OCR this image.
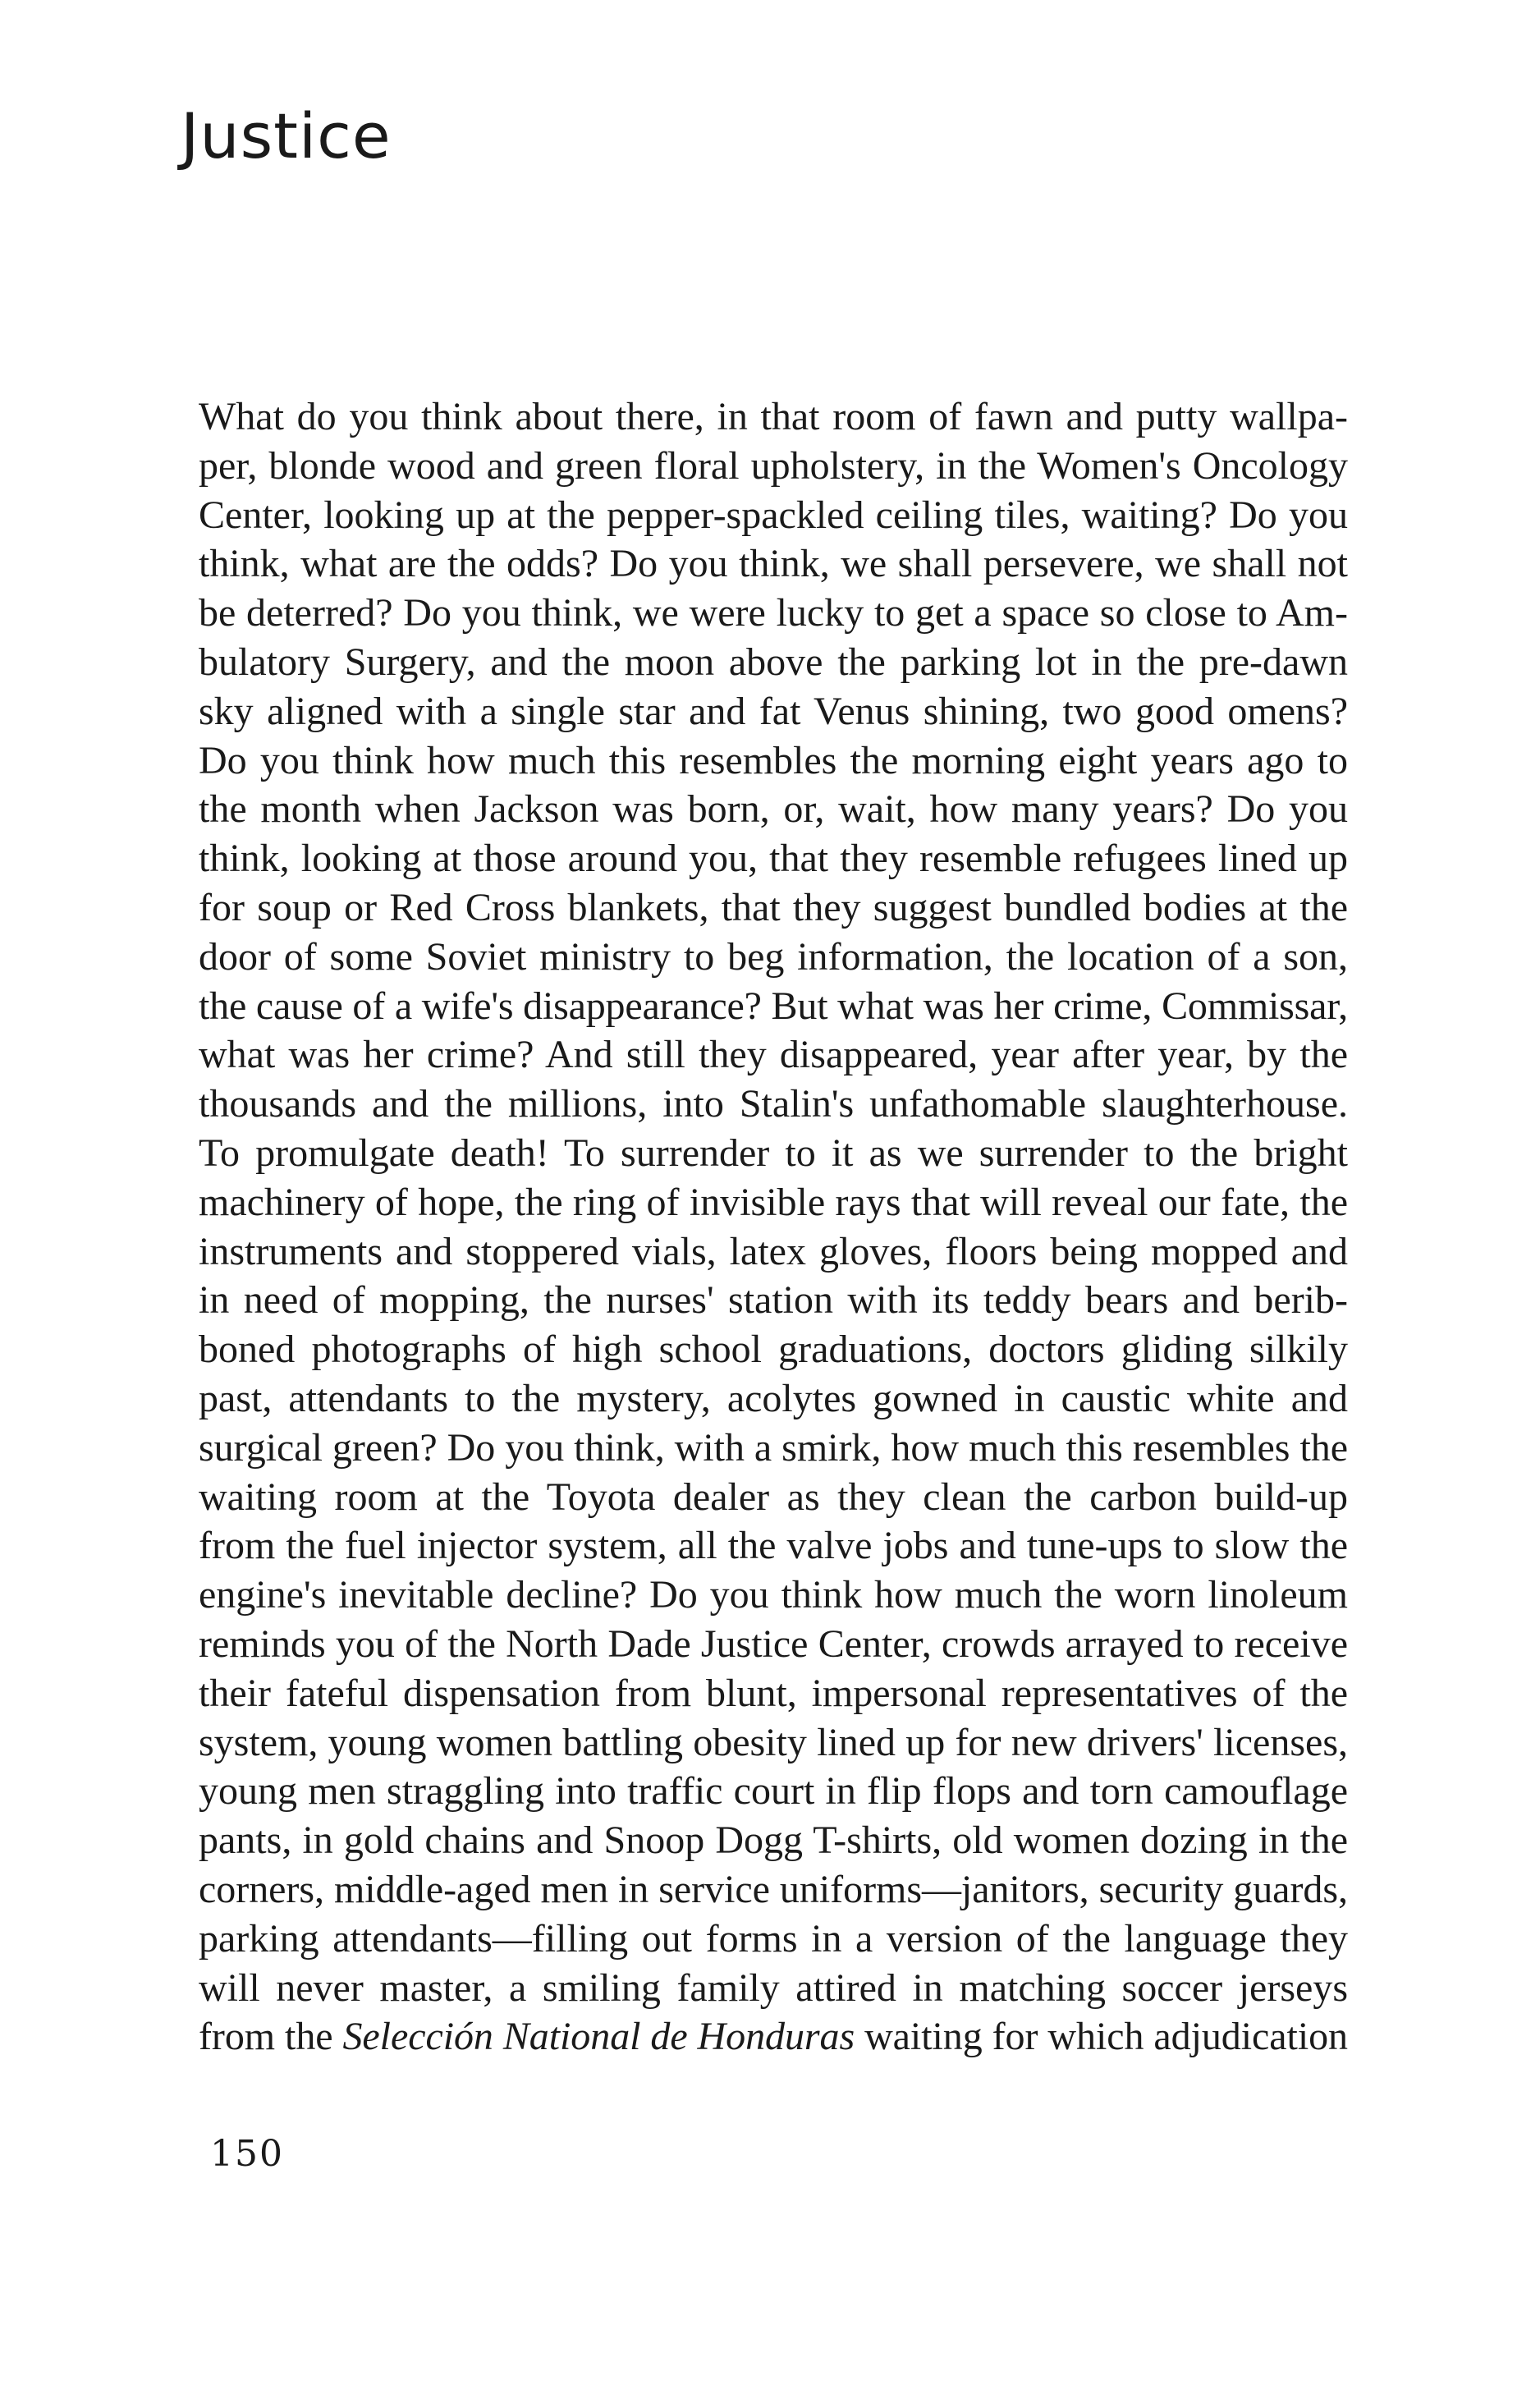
Justice
What do you think about there, in that room of fawn and putty wallpa-
per, blonde wood and green floral upholstery, in the Women's Oncology
Center, looking up at the pepper-spackled ceiling tiles, waiting? Do you
think, what are the odds? Do you think, we shall persevere, we shall not
be deterred? Do you think, we were lucky to get a space so close to Am-
bulatory Surgery, and the moon above the parking lot in the pre-dawn
sky aligned with a single star and fat Venus shining, two good omens?
Do you think how much this resembles the morning eight years ago to
the month when Jackson was born, or, wait, how many years? Do you
think, looking at those around you, that they resemble refugees lined up
for soup or Red Cross blankets, that they suggest bundled bodies at the
door of some Soviet ministry to beg information, the location of a son,
the cause of a wife's disappearance? But what was her crime, Commissar,
what was her crime? And still they disappeared, year after year, by the
thousands and the millions, into Stalin's unfathomable slaughterhouse.
To promulgate death! To surrender to it as we surrender to the bright
machinery of hope, the ring of invisible rays that will reveal our fate, the
instruments and stoppered vials, latex gloves, floors being mopped and
in need of mopping, the nurses' station with its teddy bears and berib-
boned photographs of high school graduations, doctors gliding silkily
past, attendants to the mystery, acolytes gowned in caustic white and
surgical green? Do you think, with a smirk, how much this resembles the
waiting room at the Toyota dealer as they clean the carbon build-up
from the fuel injector system, all the valve jobs and tune-ups to slow the
engine's inevitable decline? Do you think how much the worn linoleum
reminds you of the North Dade Justice Center, crowds arrayed to receive
their fateful dispensation from blunt, impersonal representatives of the
system, young women battling obesity lined up for new drivers' licenses,
young men straggling into traffic court in flip flops and torn camouflage
pants, in gold chains and Snoop Dogg T-shirts, old women dozing in the
corners, middle-aged men in service uniforms—janitors, security guards,
parking attendants—filling out forms in a version of the language they
will never master, a smiling family attired in matching soccer jerseys
from the Selección National de Honduras waiting for which adjudication
150
